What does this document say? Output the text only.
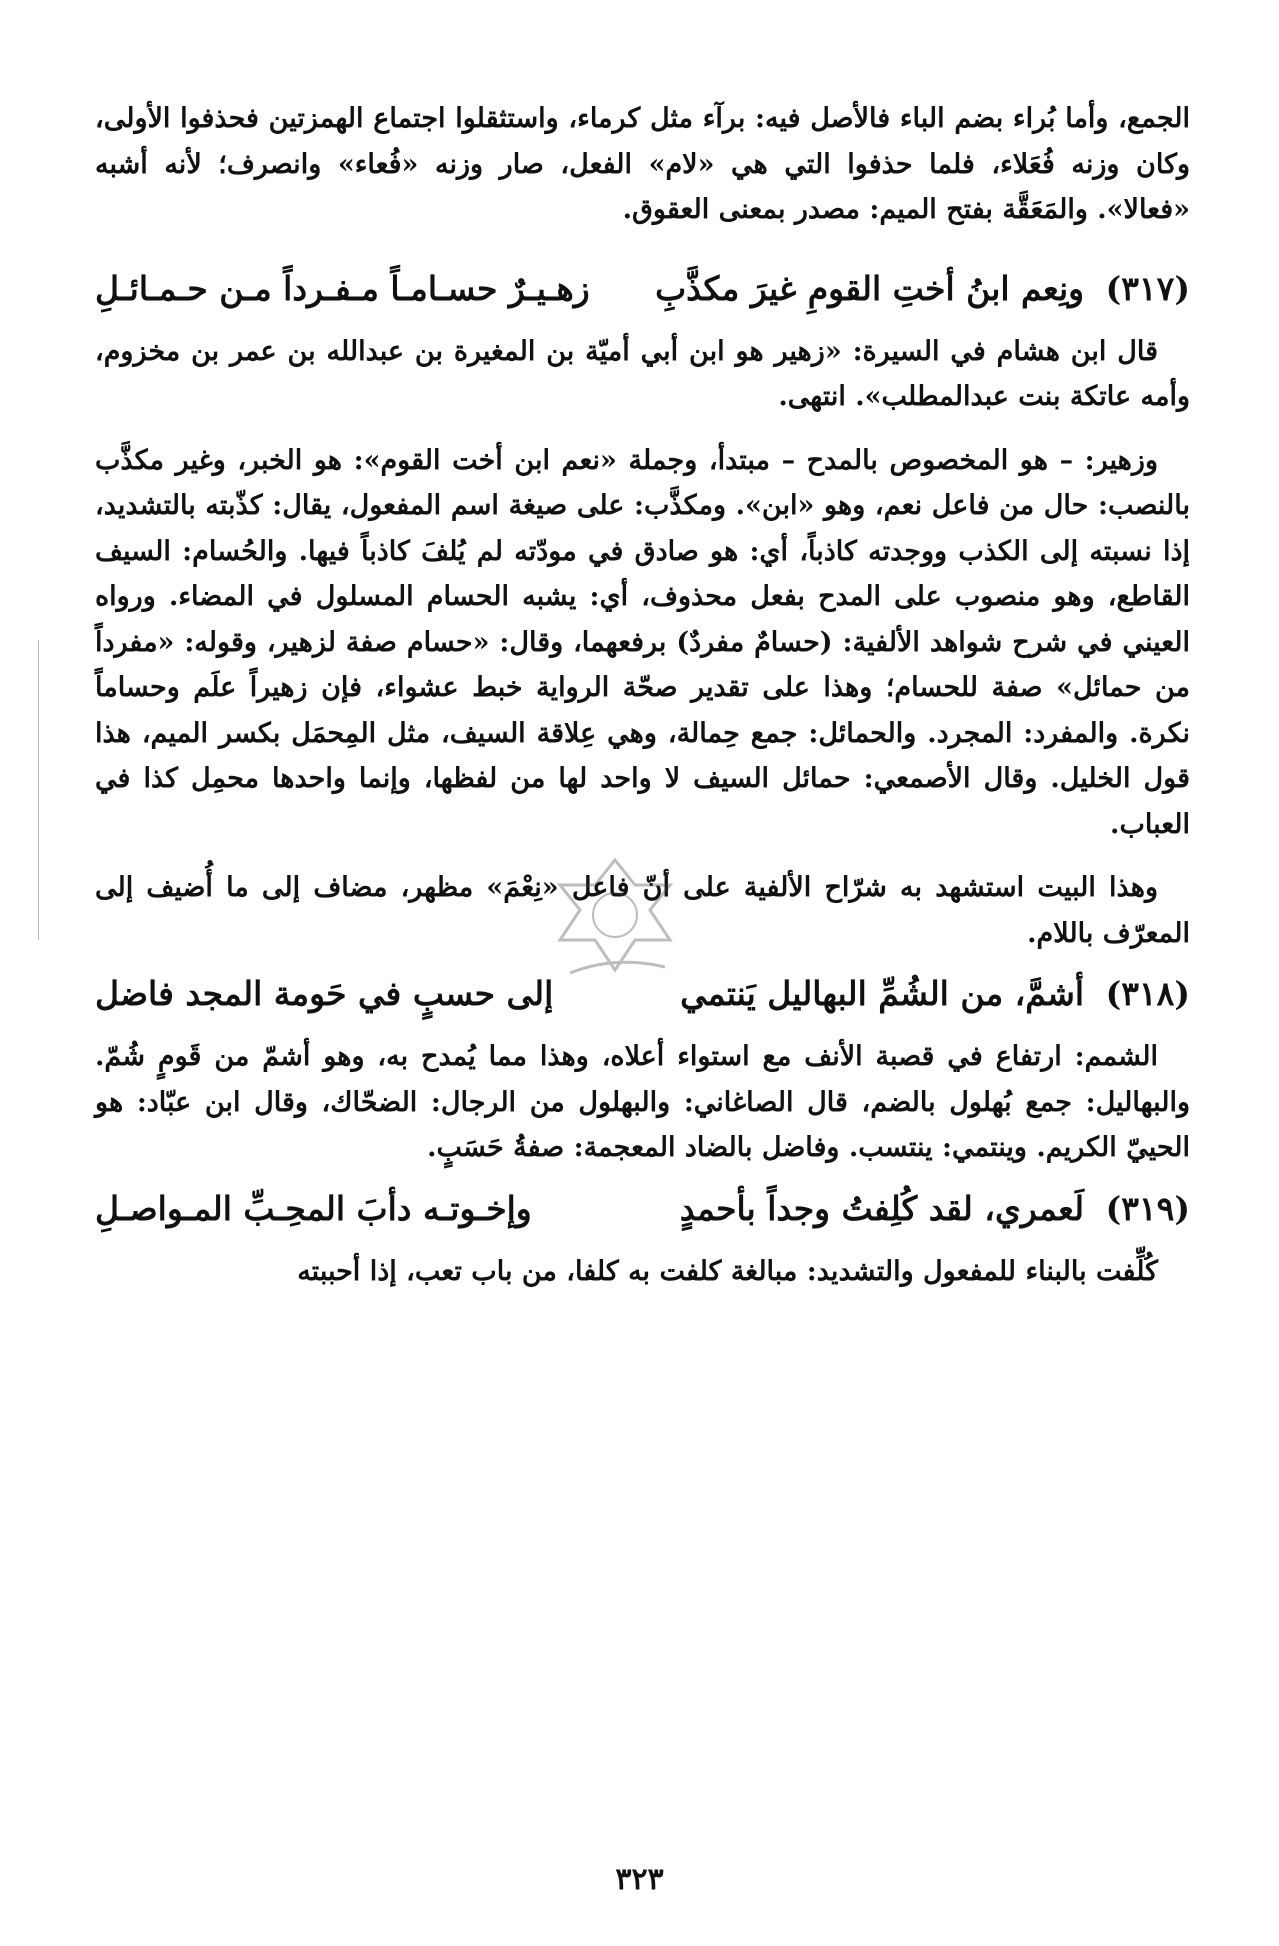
الجمع، وأما بُراء بضم الباء فالأصل فيه: برآء مثل كرماء، واستثقلوا اجتماع الهمزتين فحذفوا الأولى، وكان وزنه فُعَلاء، فلما حذفوا التي هي «لام» الفعل، صار وزنه «فُعاء» وانصرف؛ لأنه أشبه «فعالا». والمَعَقَّة بفتح الميم: مصدر بمعنى العقوق.

(٣١٧) ونِعم ابنُ أختِ القومِ غيرَ مكذَّبِ
زهـيـرٌ حسـامـاً مـفـرداً مـن حـمـائـلِ

قال ابن هشام في السيرة: «زهير هو ابن أبي أميّة بن المغيرة بن عبدالله بن عمر بن مخزوم، وأمه عاتكة بنت عبدالمطلب». انتهى.

وزهير: – هو المخصوص بالمدح – مبتدأ، وجملة «نعم ابن أخت القوم»: هو الخبر، وغير مكذَّب بالنصب: حال من فاعل نعم، وهو «ابن». ومكذَّب: على صيغة اسم المفعول، يقال: كذّبته بالتشديد، إذا نسبته إلى الكذب ووجدته كاذباً، أي: هو صادق في مودّته لم يُلفَ كاذباً فيها. والحُسام: السيف القاطع، وهو منصوب على المدح بفعل محذوف، أي: يشبه الحسام المسلول في المضاء. ورواه العيني في شرح شواهد الألفية: (حسامٌ مفردٌ) برفعهما، وقال: «حسام صفة لزهير، وقوله: «مفرداً من حمائل» صفة للحسام؛ وهذا على تقدير صحّة الرواية خبط عشواء، فإن زهيراً علَم وحساماً نكرة. والمفرد: المجرد. والحمائل: جمع حِمالة، وهي عِلاقة السيف، مثل المِحمَل بكسر الميم، هذا قول الخليل. وقال الأصمعي: حمائل السيف لا واحد لها من لفظها، وإنما واحدها محمِل كذا في العباب.

وهذا البيت استشهد به شرّاح الألفية على أنّ فاعل «نِعْمَ» مظهر، مضاف إلى ما أُضيف إلى المعرّف باللام.

(٣١٨) أشمَّ، من الشُمِّ البهاليل يَنتمي
إلى حسبٍ في حَومة المجد فاضل

الشمم: ارتفاع في قصبة الأنف مع استواء أعلاه، وهذا مما يُمدح به، وهو أشمّ من قَومٍ شُمّ. والبهاليل: جمع بُهلول بالضم، قال الصاغاني: والبهلول من الرجال: الضحّاك، وقال ابن عبّاد: هو الحييّ الكريم. وينتمي: ينتسب. وفاضل بالضاد المعجمة: صفةُ حَسَبٍ.

(٣١٩) لَعمري، لقد كُلِفتُ وجداً بأحمدٍ
وإخـوتـه دأبَ المحِـبِّ المـواصـلِ

كُلِّفت بالبناء للمفعول والتشديد: مبالغة كلفت به كلفا، من باب تعب، إذا أحببته

٣٢٣
